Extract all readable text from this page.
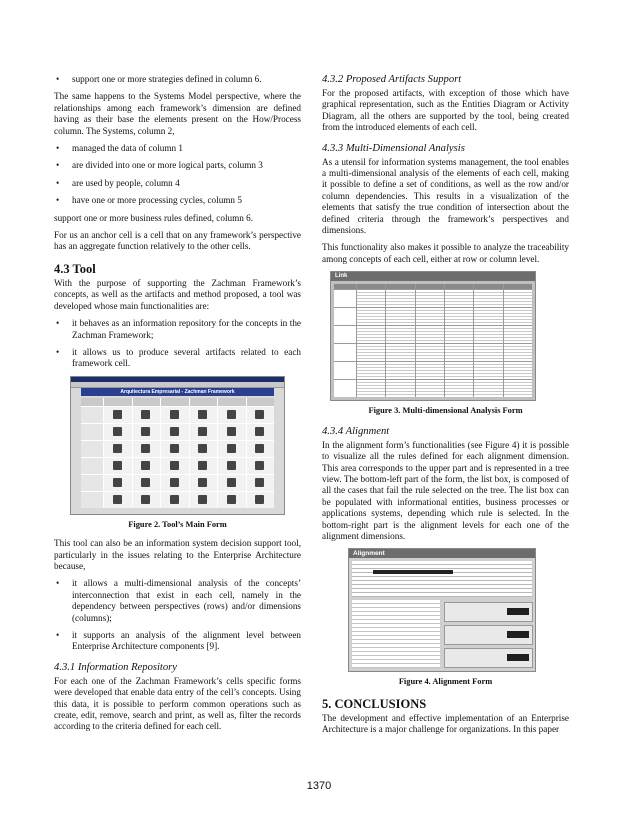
• support one or more strategies defined in column 6.

The same happens to the Systems Model perspective, where the relationships among each framework’s dimension are defined having as their base the elements present on the How/Process column. The Systems, column 2,

• managed the data of column 1
• are divided into one or more logical parts, column 3
• are used by people, column 4
• have one or more processing cycles, column 5

support one or more business rules defined, column 6.

For us an anchor cell is a cell that on any framework’s perspective has an aggregate function relatively to the other cells.

4.3 Tool

With the purpose of supporting the Zachman Framework’s concepts, as well as the artifacts and method proposed, a tool was developed whose main functionalities are:

• it behaves as an information repository for the concepts in the Zachman Framework;
• it allows us to produce several artifacts related to each framework cell.
Arquitectura Empresarial - Zachman Framework
Figure 2. Tool’s Main Form

This tool can also be an information system decision support tool, particularly in the issues relating to the Enterprise Architecture because,

• it allows a multi-dimensional analysis of the concepts’ interconnection that exist in each cell, namely in the dependency between perspectives (rows) and/or dimensions (columns);
• it supports an analysis of the alignment level between Enterprise Architecture components [9].
4.3.1 Information Repository

For each one of the Zachman Framework’s cells specific forms were developed that enable data entry of the cell’s concepts. Using this data, it is possible to perform common operations such as create, edit, remove, search and print, as well as, filter the records according to the criteria defined for each cell.

4.3.2 Proposed Artifacts Support

For the proposed artifacts, with exception of those which have graphical representation, such as the Entities Diagram or Activity Diagram, all the others are supported by the tool, being created from the introduced elements of each cell.

4.3.3 Multi-Dimensional Analysis

As a utensil for information systems management, the tool enables a multi-dimensional analysis of the elements of each cell, making it possible to define a set of conditions, as well as the row and/or column dependencies. This results in a visualization of the elements that satisfy the true condition of intersection about the defined criteria through the framework’s perspectives and dimensions.

This functionality also makes it possible to analyze the traceability among concepts of each cell, either at row or column level.

Link
Figure 3. Multi-dimensional Analysis Form
4.3.4 Alignment

In the alignment form’s functionalities (see Figure 4) it is possible to visualize all the rules defined for each alignment dimension. This area corresponds to the upper part and is represented in a tree view. The bottom-left part of the form, the list box, is composed of all the cases that fail the rule selected on the tree. The list box can be populated with informational entities, business processes or applications systems, depending which rule is selected. In the bottom-right part is the alignment levels for each one of the alignment dimensions.

Alignment
Figure 4. Alignment Form
5. CONCLUSIONS

The development and effective implementation of an Enterprise Architecture is a major challenge for organizations. In this paper

1370
